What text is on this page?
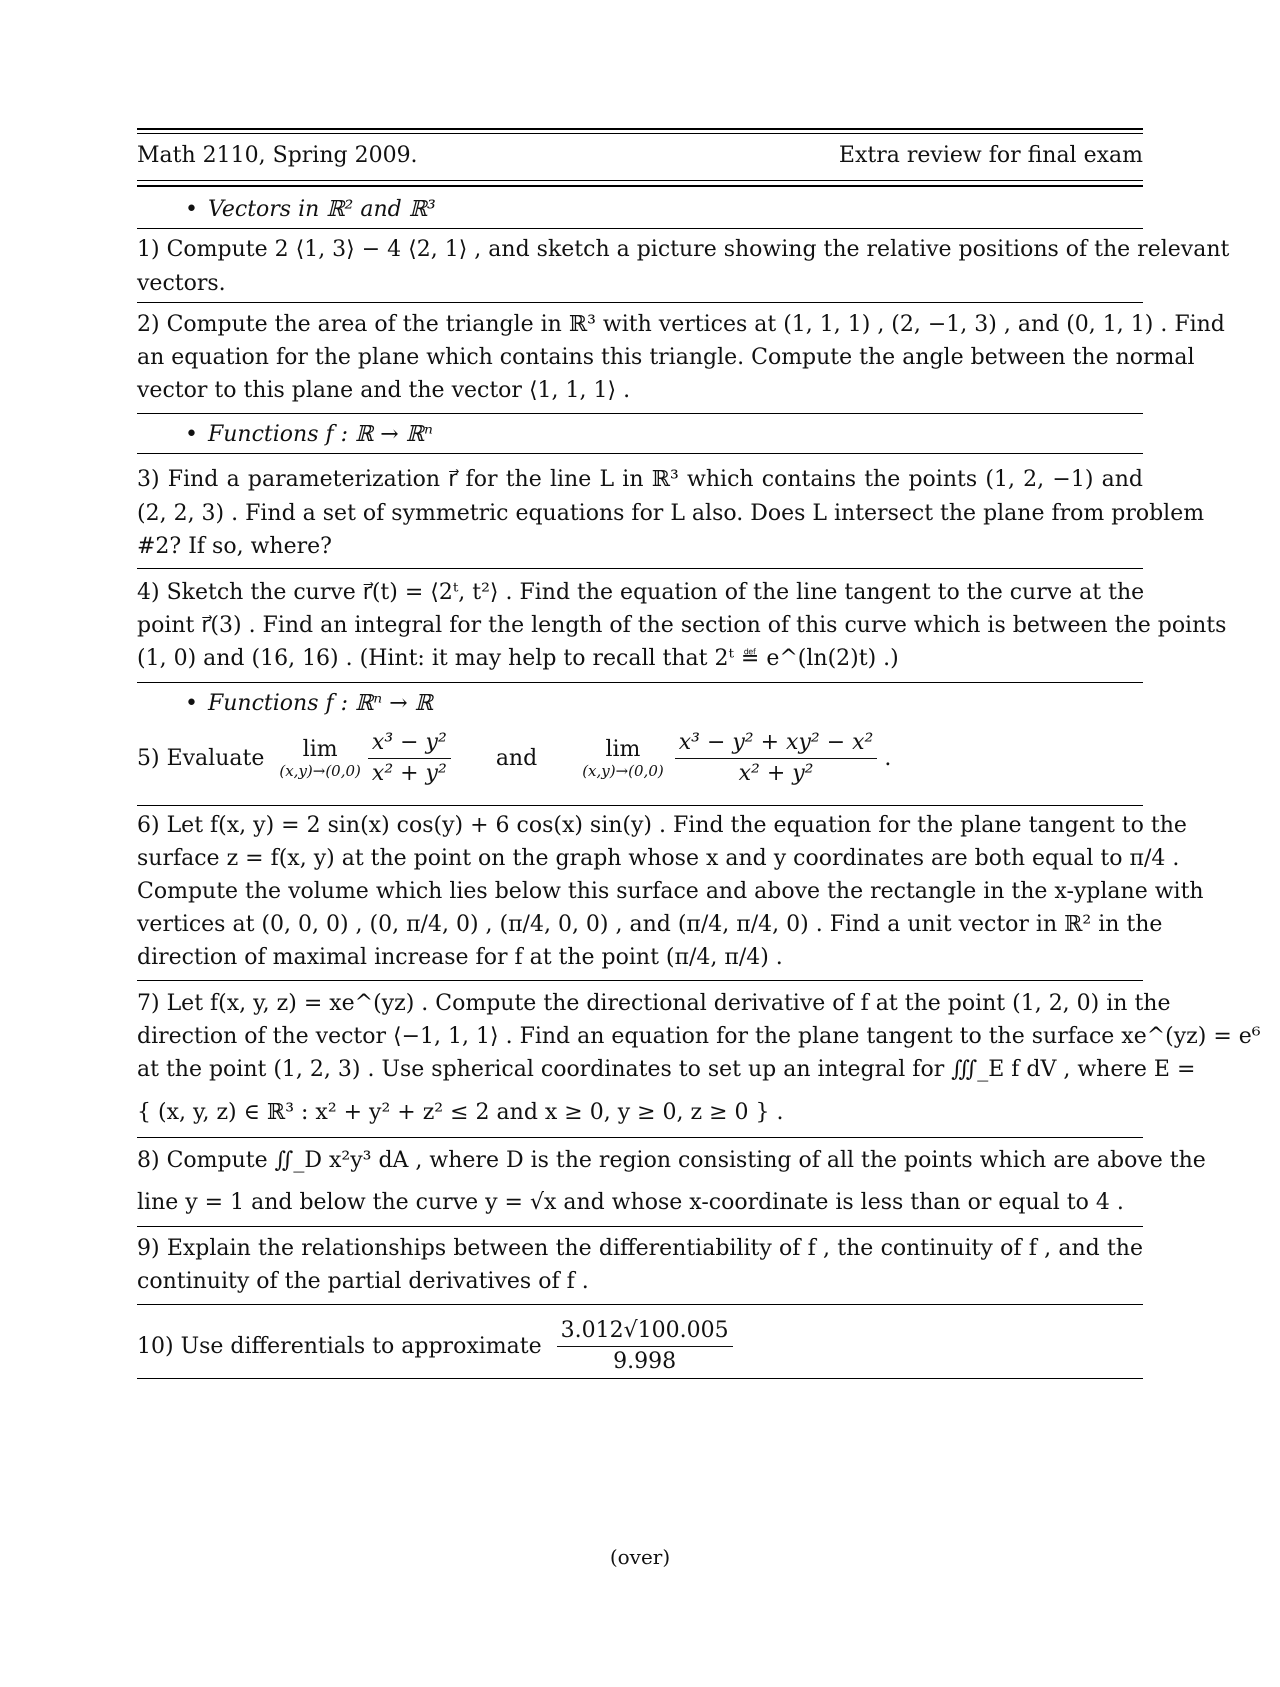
Math 2110, Spring 2009.	Extra review for final exam
• Vectors in ℝ² and ℝ³
1) Compute 2 ⟨1, 3⟩ − 4 ⟨2, 1⟩ , and sketch a picture showing the relative positions of the relevant
vectors.
2) Compute the area of the triangle in ℝ³ with vertices at (1, 1, 1) , (2, −1, 3) , and (0, 1, 1) . Find
an equation for the plane which contains this triangle. Compute the angle between the normal
vector to this plane and the vector ⟨1, 1, 1⟩ .
• Functions f : ℝ → ℝⁿ
3) Find a parameterization r⃗ for the line L in ℝ³ which contains the points (1, 2, −1) and
(2, 2, 3) . Find a set of symmetric equations for L also. Does L intersect the plane from problem
#2? If so, where?
4) Sketch the curve r⃗(t) = ⟨2ᵗ, t²⟩ . Find the equation of the line tangent to the curve at the
point r⃗(3) . Find an integral for the length of the section of this curve which is between the points
(1, 0) and (16, 16) . (Hint: it may help to recall that 2ᵗ ≝ e^(ln(2)t) .)
• Functions f : ℝⁿ → ℝ
5) Evaluate	lim
(x,y)→(0,0)
$\frac{\text{x³ − y²}}{\text{x² + y²}}$ and	lim
(x,y)→(0,0)
$\frac{\text{x³ − y² + xy² − x²}}{\text{x² + y²}}$ .
6) Let f(x, y) = 2 sin(x) cos(y) + 6 cos(x) sin(y) . Find the equation for the plane tangent to the
surface z = f(x, y) at the point on the graph whose x and y coordinates are both equal to π/4 .
Compute the volume which lies below this surface and above the rectangle in the x-yplane with
vertices at (0, 0, 0) , (0, π/4, 0) , (π/4, 0, 0) , and (π/4, π/4, 0) . Find a unit vector in ℝ² in the
direction of maximal increase for f at the point (π/4, π/4) .
7) Let f(x, y, z) = xe^(yz) . Compute the directional derivative of f at the point (1, 2, 0) in the
direction of the vector ⟨−1, 1, 1⟩ . Find an equation for the plane tangent to the surface xe^(yz) = e⁶
at the point (1, 2, 3) . Use spherical coordinates to set up an integral for ∭_E f dV , where E =
{ (x, y, z) ∈ ℝ³ : x² + y² + z² ≤ 2 and x ≥ 0, y ≥ 0, z ≥ 0 } .
8) Compute ∬_D x²y³ dA , where D is the region consisting of all the points which are above the
line y = 1 and below the curve y = √x and whose x-coordinate is less than or equal to 4 .
9) Explain the relationships between the differentiability of f , the continuity of f , and the
continuity of the partial derivatives of f .
10) Use differentials to approximate $\frac{3.012√100.005}{9.998}$
(over)
